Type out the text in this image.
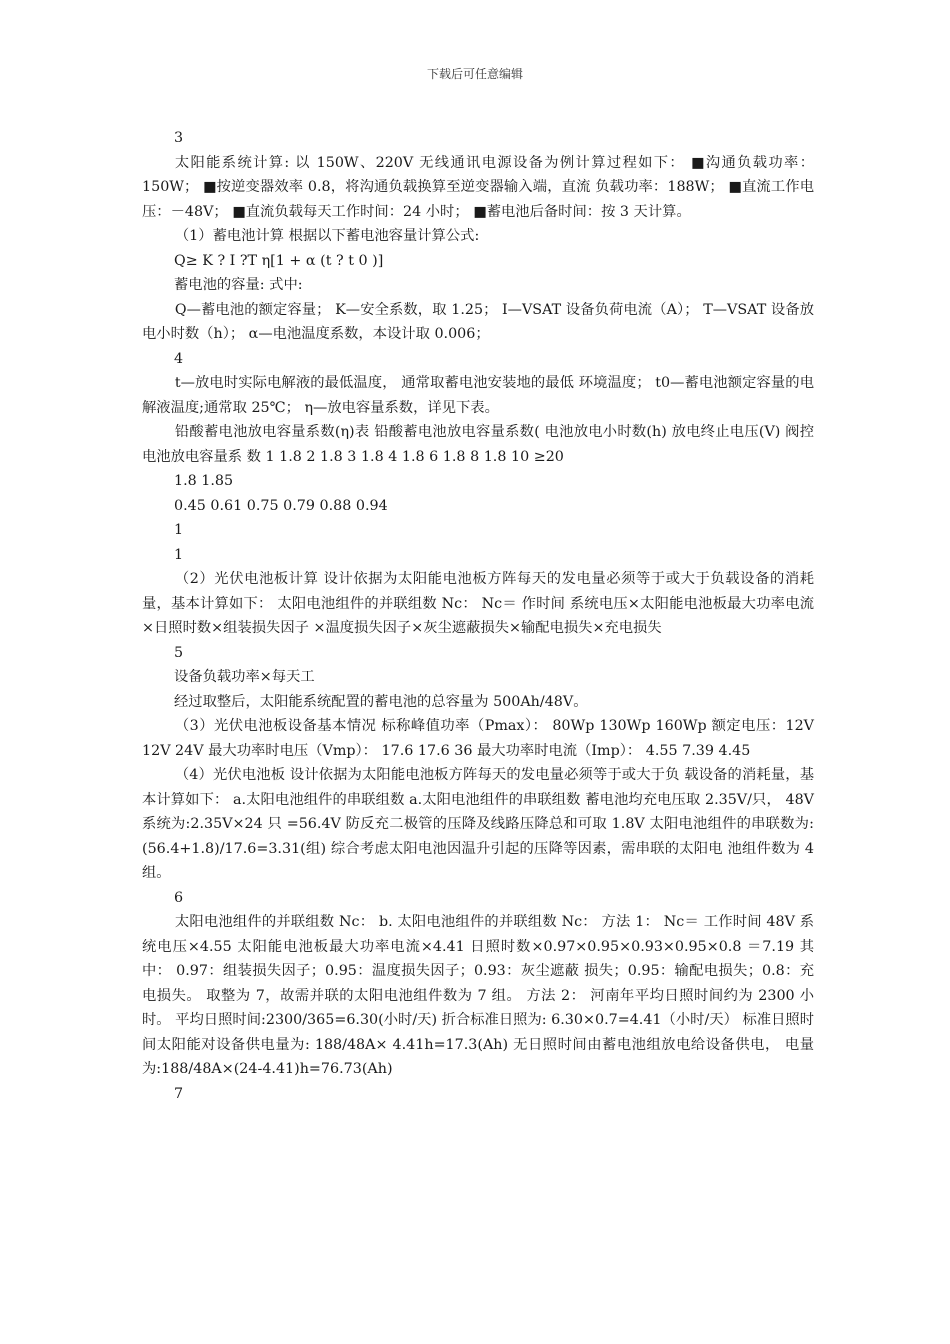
下载后可任意编辑

3

太阳能系统计算: 以 150W、220V 无线通讯电源设备为例计算过程如下： ■沟通负载功率：150W； ■按逆变器效率 0.8，将沟通负载换算至逆变器输入端，直流 负载功率：188W； ■直流工作电压：－48V； ■直流负载每天工作时间：24 小时； ■蓄电池后备时间：按 3 天计算。

（1）蓄电池计算 根据以下蓄电池容量计算公式:

Q≥ K ? I ?T η[1 + α (t ? t 0 )]

蓄电池的容量: 式中:

Q—蓄电池的额定容量； K—安全系数，取 1.25； I—VSAT 设备负荷电流（A）； T—VSAT 设备放电小时数（h）； α—电池温度系数，本设计取 0.006；

4

t—放电时实际电解液的最低温度， 通常取蓄电池安装地的最低 环境温度； t0—蓄电池额定容量的电解液温度;通常取 25℃； η—放电容量系数，详见下表。

铅酸蓄电池放电容量系数(η)表 铅酸蓄电池放电容量系数( 电池放电小时数(h) 放电终止电压(V) 阀控电池放电容量系 数 1 1.8 2 1.8 3 1.8 4 1.8 6 1.8 8 1.8 10 ≥20

1.8 1.85

0.45 0.61 0.75 0.79 0.88 0.94

1

1

（2）光伏电池板计算 设计依据为太阳能电池板方阵每天的发电量必须等于或大于负载设备的消耗量，基本计算如下： 太阳电池组件的并联组数 Nc： Nc＝ 作时间 系统电压×太阳能电池板最大功率电流×日照时数×组装损失因子 ×温度损失因子×灰尘遮蔽损失×输配电损失×充电损失

5

设备负载功率×每天工

经过取整后，太阳能系统配置的蓄电池的总容量为 500Ah/48V。

（3）光伏电池板设备基本情况 标称峰值功率（Pmax）： 80Wp 130Wp 160Wp 额定电压：12V 12V 24V 最大功率时电压（Vmp）： 17.6 17.6 36 最大功率时电流（Imp）： 4.55 7.39 4.45

（4）光伏电池板 设计依据为太阳能电池板方阵每天的发电量必须等于或大于负 载设备的消耗量，基本计算如下： a.太阳电池组件的串联组数 a.太阳电池组件的串联组数 蓄电池均充电压取 2.35V/只， 48V 系统为:2.35V×24 只 =56.4V 防反充二极管的压降及线路压降总和可取 1.8V 太阳电池组件的串联数为:(56.4+1.8)/17.6=3.31(组) 综合考虑太阳电池因温升引起的压降等因素，需串联的太阳电 池组件数为 4 组。

6

太阳电池组件的并联组数 Nc： b. 太阳电池组件的并联组数 Nc： 方法 1： Nc＝ 工作时间 48V 系统电压×4.55 太阳能电池板最大功率电流×4.41 日照时数×0.97×0.95×0.93×0.95×0.8 ＝7.19 其中： 0.97：组装损失因子；0.95：温度损失因子；0.93：灰尘遮蔽 损失；0.95：输配电损失；0.8：充电损失。 取整为 7，故需并联的太阳电池组件数为 7 组。 方法 2： 河南年平均日照时间约为 2300 小时。 平均日照时间:2300/365=6.30(小时/天) 折合标准日照为: 6.30×0.7=4.41（小时/天） 标准日照时间太阳能对设备供电量为: 188/48A× 4.41h=17.3(Ah) 无日照时间由蓄电池组放电给设备供电， 电量为:188/48A×(24-4.41)h=76.73(Ah)

7
